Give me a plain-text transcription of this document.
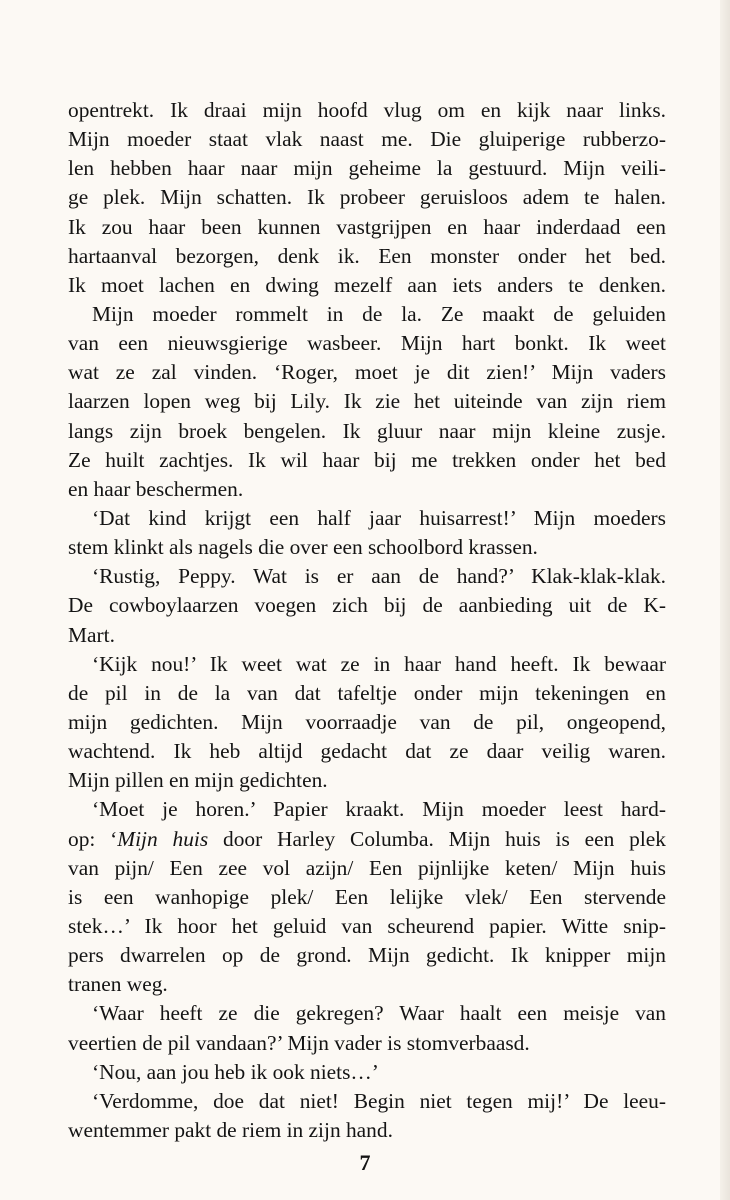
opentrekt. Ik draai mijn hoofd vlug om en kijk naar links.
Mijn moeder staat vlak naast me. Die gluiperige rubberzo-
len hebben haar naar mijn geheime la gestuurd. Mijn veili-
ge plek. Mijn schatten. Ik probeer geruisloos adem te halen.
Ik zou haar been kunnen vastgrijpen en haar inderdaad een
hartaanval bezorgen, denk ik. Een monster onder het bed.
Ik moet lachen en dwing mezelf aan iets anders te denken.
Mijn moeder rommelt in de la. Ze maakt de geluiden
van een nieuwsgierige wasbeer. Mijn hart bonkt. Ik weet
wat ze zal vinden. ‘Roger, moet je dit zien!’ Mijn vaders
laarzen lopen weg bij Lily. Ik zie het uiteinde van zijn riem
langs zijn broek bengelen. Ik gluur naar mijn kleine zusje.
Ze huilt zachtjes. Ik wil haar bij me trekken onder het bed
en haar beschermen.
‘Dat kind krijgt een half jaar huisarrest!’ Mijn moeders
stem klinkt als nagels die over een schoolbord krassen.
‘Rustig, Peppy. Wat is er aan de hand?’ Klak-klak-klak.
De cowboylaarzen voegen zich bij de aanbieding uit de K-
Mart.
‘Kijk nou!’ Ik weet wat ze in haar hand heeft. Ik bewaar
de pil in de la van dat tafeltje onder mijn tekeningen en
mijn gedichten. Mijn voorraadje van de pil, ongeopend,
wachtend. Ik heb altijd gedacht dat ze daar veilig waren.
Mijn pillen en mijn gedichten.
‘Moet je horen.’ Papier kraakt. Mijn moeder leest hard-
op: ‘Mijn huis door Harley Columba. Mijn huis is een plek
van pijn/ Een zee vol azijn/ Een pijnlijke keten/ Mijn huis
is een wanhopige plek/ Een lelijke vlek/ Een stervende
stek…’ Ik hoor het geluid van scheurend papier. Witte snip-
pers dwarrelen op de grond. Mijn gedicht. Ik knipper mijn
tranen weg.
‘Waar heeft ze die gekregen? Waar haalt een meisje van
veertien de pil vandaan?’ Mijn vader is stomverbaasd.
‘Nou, aan jou heb ik ook niets…’
‘Verdomme, doe dat niet! Begin niet tegen mij!’ De leeu-
wentemmer pakt de riem in zijn hand.
7
